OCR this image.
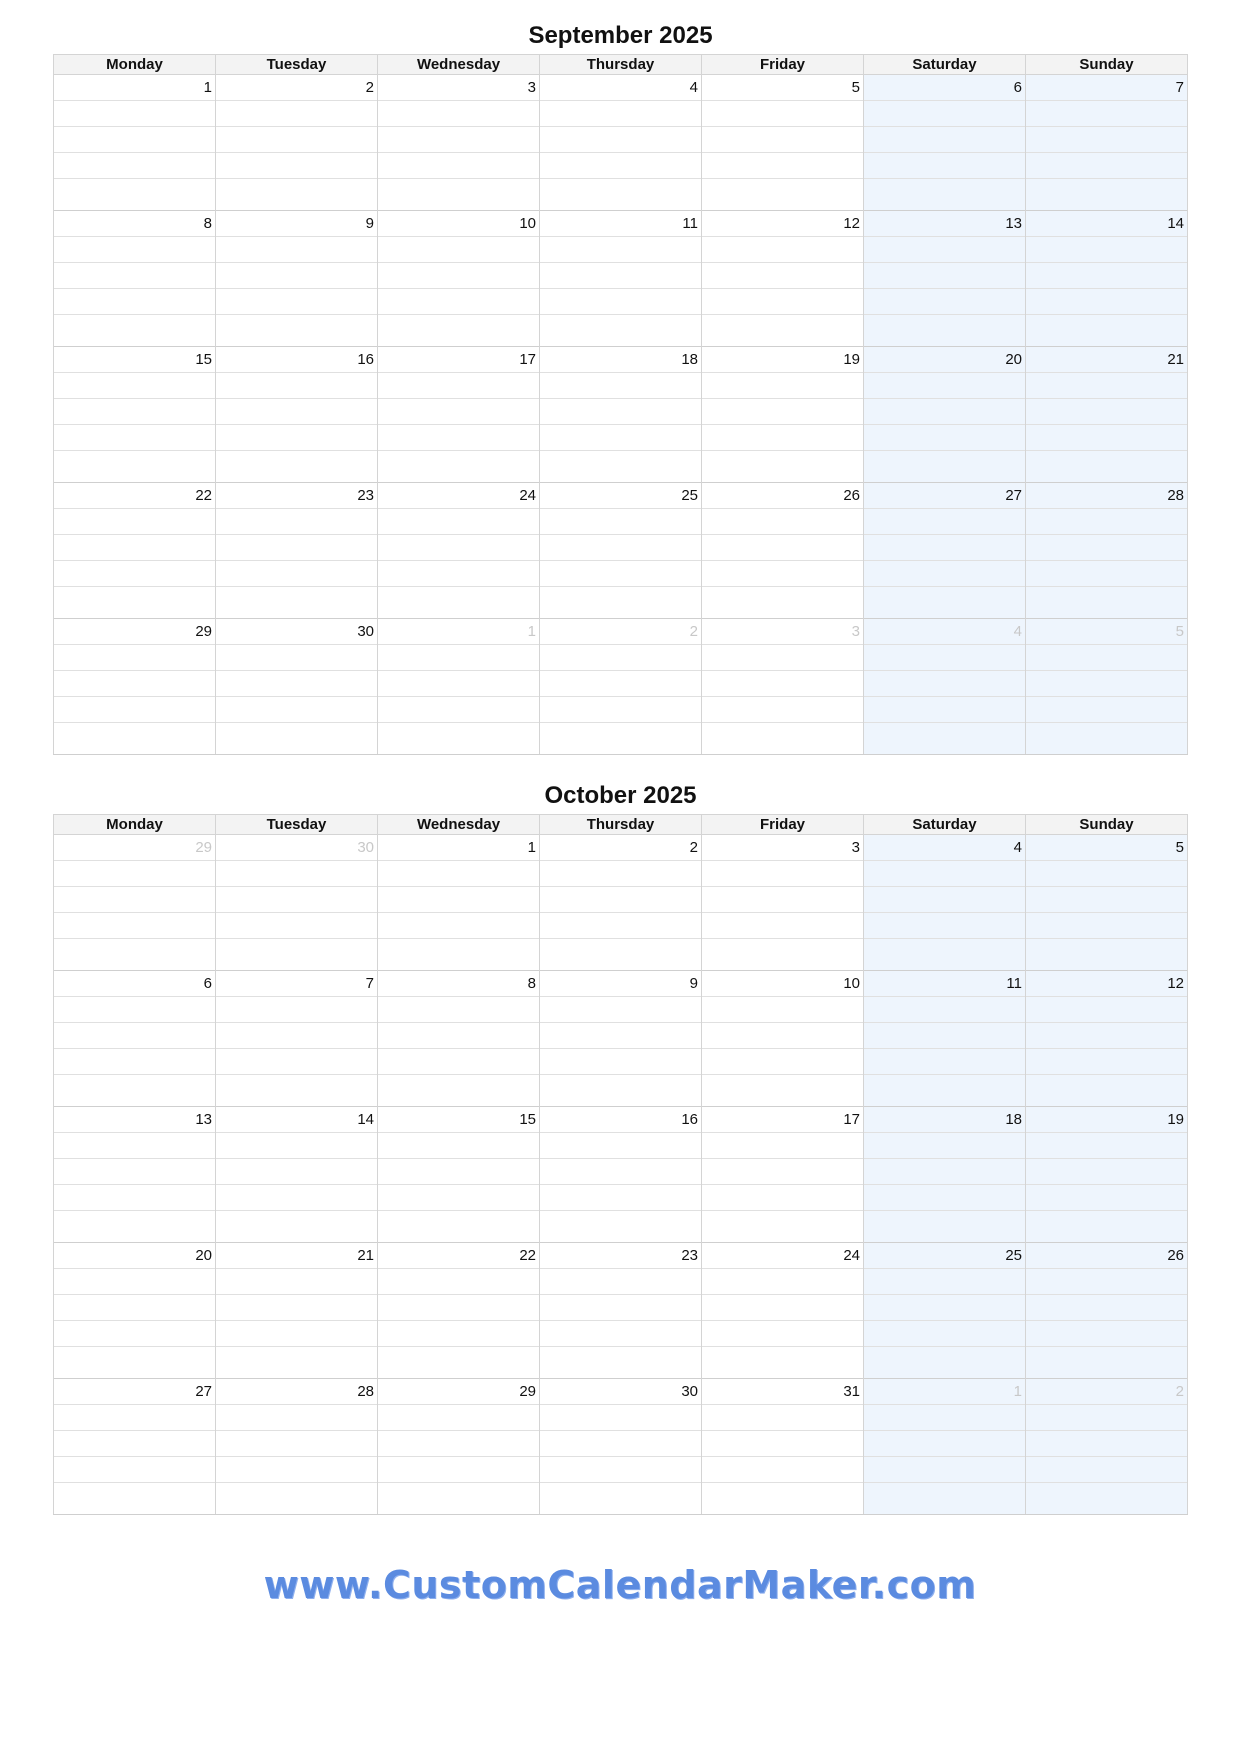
September 2025
Monday	Tuesday	Wednesday	Thursday	Friday	Saturday	Sunday
1	2	3	4	5	6	7

8	9	10	11	12	13	14

15	16	17	18	19	20	21

22	23	24	25	26	27	28

29	30	1	2	3	4	5

October 2025
Monday	Tuesday	Wednesday	Thursday	Friday	Saturday	Sunday
29	30	1	2	3	4	5

6	7	8	9	10	11	12

13	14	15	16	17	18	19

20	21	22	23	24	25	26

27	28	29	30	31	1	2

www.CustomCalendarMaker.com
